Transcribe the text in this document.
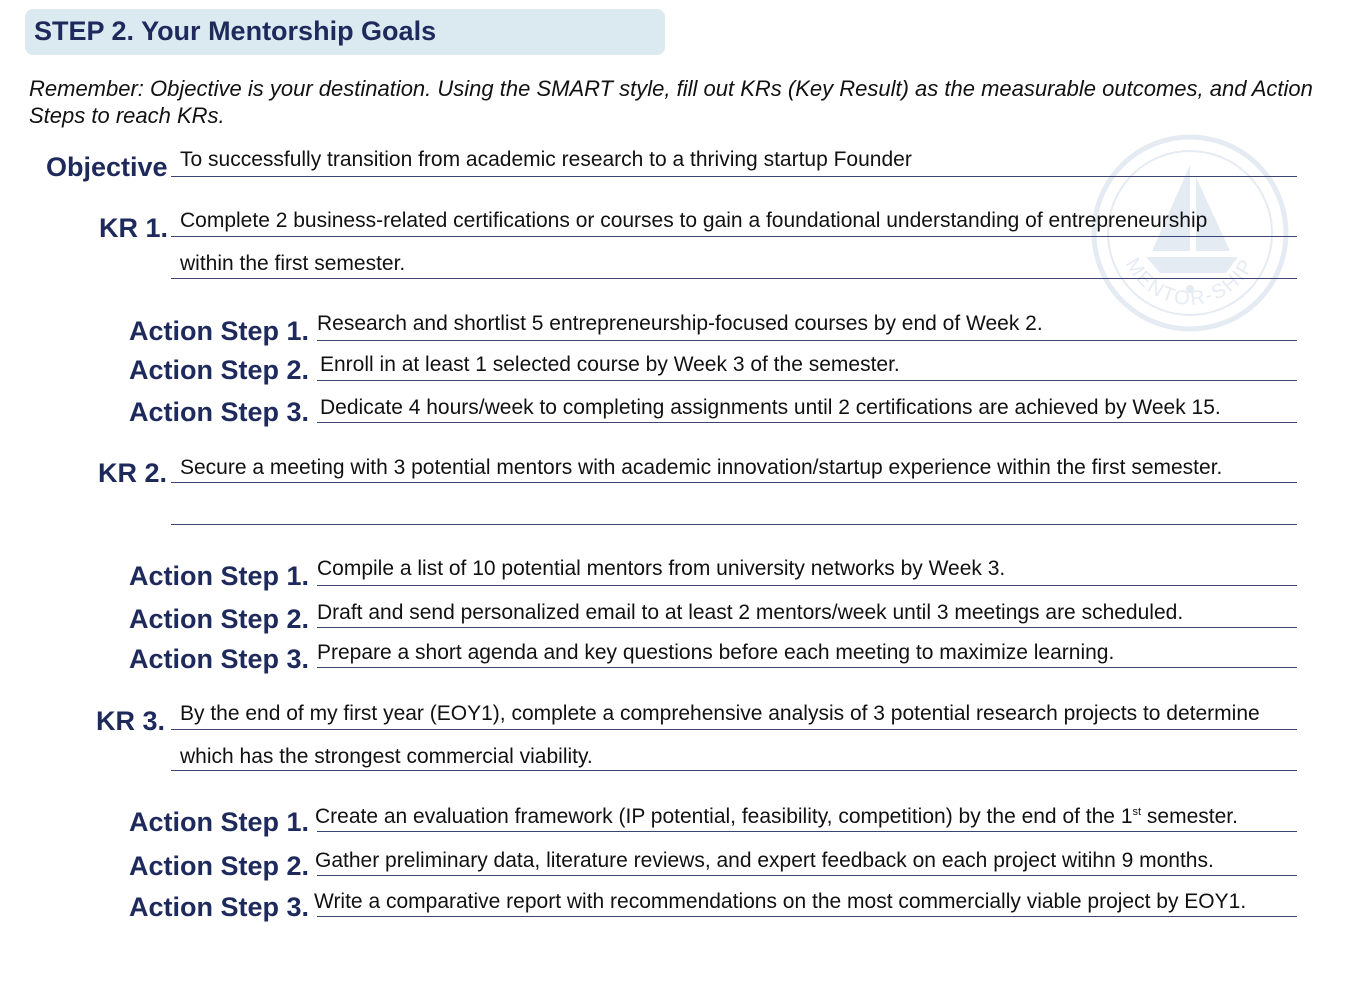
STEP 2. Your Mentorship Goals
Remember: Objective is your destination. Using the SMART style, fill out KRs (Key Result) as the measurable outcomes, and Action Steps to reach KRs.
MENTOR-SHIP
Objective To successfully transition from academic research to a thriving startup Founder
KR 1. Complete 2 business-related certifications or courses to gain a foundational understanding of entrepreneurship
within the first semester.
Action Step 1. Research and shortlist 5 entrepreneurship-focused courses by end of Week 2.
Action Step 2. Enroll in at least 1 selected course by Week 3 of the semester.
Action Step 3. Dedicate 4 hours/week to completing assignments until 2 certifications are achieved by Week 15.
KR 2. Secure a meeting with 3 potential mentors with academic innovation/startup experience within the first semester.
Action Step 1. Compile a list of 10 potential mentors from university networks by Week 3.
Action Step 2. Draft and send personalized email to at least 2 mentors/week until 3 meetings are scheduled.
Action Step 3. Prepare a short agenda and key questions before each meeting to maximize learning.
KR 3. By the end of my first year (EOY1), complete a comprehensive analysis of 3 potential research projects to determine
which has the strongest commercial viability.
Action Step 1. Create an evaluation framework (IP potential, feasibility, competition) by the end of the 1st semester.
Action Step 2. Gather preliminary data, literature reviews, and expert feedback on each project witihn 9 months.
Action Step 3. Write a comparative report with recommendations on the most commercially viable project by EOY1.
